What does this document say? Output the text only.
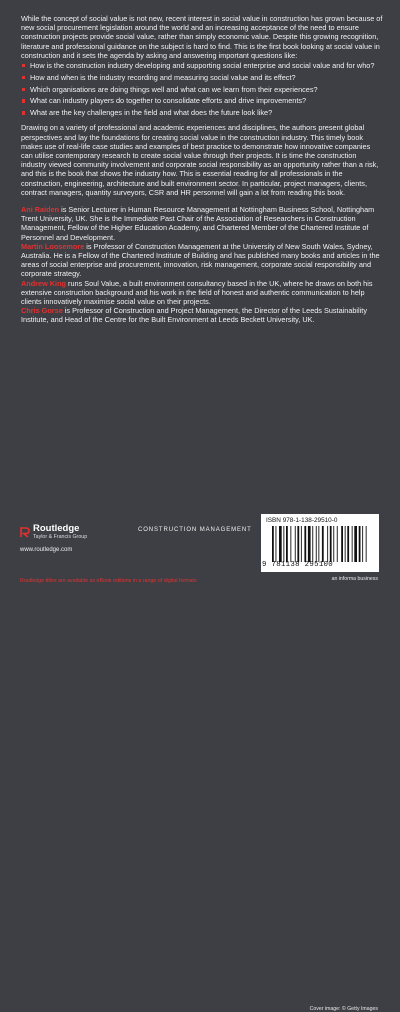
While the concept of social value is not new, recent interest in social value in construction has grown because of new social procurement legislation around the world and an increasing acceptance of the need to ensure construction projects provide social value, rather than simply economic value. Despite this growing recognition, literature and professional guidance on the subject is hard to find. This is the first book looking at social value in construction and it sets the agenda by asking and answering important questions like:

How is the construction industry developing and supporting social enterprise and social value and for who?
How and when is the industry recording and measuring social value and its effect?
Which organisations are doing things well and what can we learn from their experiences?
What can industry players do together to consolidate efforts and drive improvements?
What are the key challenges in the field and what does the future look like?

Drawing on a variety of professional and academic experiences and disciplines, the authors present global perspectives and lay the foundations for creating social value in the construction industry. This timely book makes use of real-life case studies and examples of best practice to demonstrate how innovative companies can utilise contemporary research to create social value through their projects. It is time the construction industry viewed community involvement and corporate social responsibility as an opportunity rather than a risk, and this is the book that shows the industry how. This is essential reading for all professionals in the construction, engineering, architecture and built environment sector. In particular, project managers, clients, contract managers, quantity surveyors, CSR and HR personnel will gain a lot from reading this book.

Ani Raiden is Senior Lecturer in Human Resource Management at Nottingham Business School, Nottingham Trent University, UK. She is the Immediate Past Chair of the Association of Researchers in Construction Management, Fellow of the Higher Education Academy, and Chartered Member of the Chartered Institute of Personnel and Development.

Martin Loosemore is Professor of Construction Management at the University of New South Wales, Sydney, Australia. He is a Fellow of the Chartered Institute of Building and has published many books and articles in the areas of social enterprise and procurement, innovation, risk management, corporate social responsibility and corporate strategy.

Andrew King runs Soul Value, a built environment consultancy based in the UK, where he draws on both his extensive construction background and his work in the field of honest and authentic communication to help clients innovatively maximise social value on their projects.

Chris Gorse is Professor of Construction and Project Management, the Director of the Leeds Sustainability Institute, and Head of the Centre for the Built Environment at Leeds Beckett University, UK.

Cover image: © Getty Images
Routledge
Taylor & Francis Group
www.routledge.com
CONSTRUCTION MANAGEMENT
ISBN 978-1-138-29510-0
9 781138 295100
an informa business
Routledge titles are available as eBook editions in a range of digital formats
